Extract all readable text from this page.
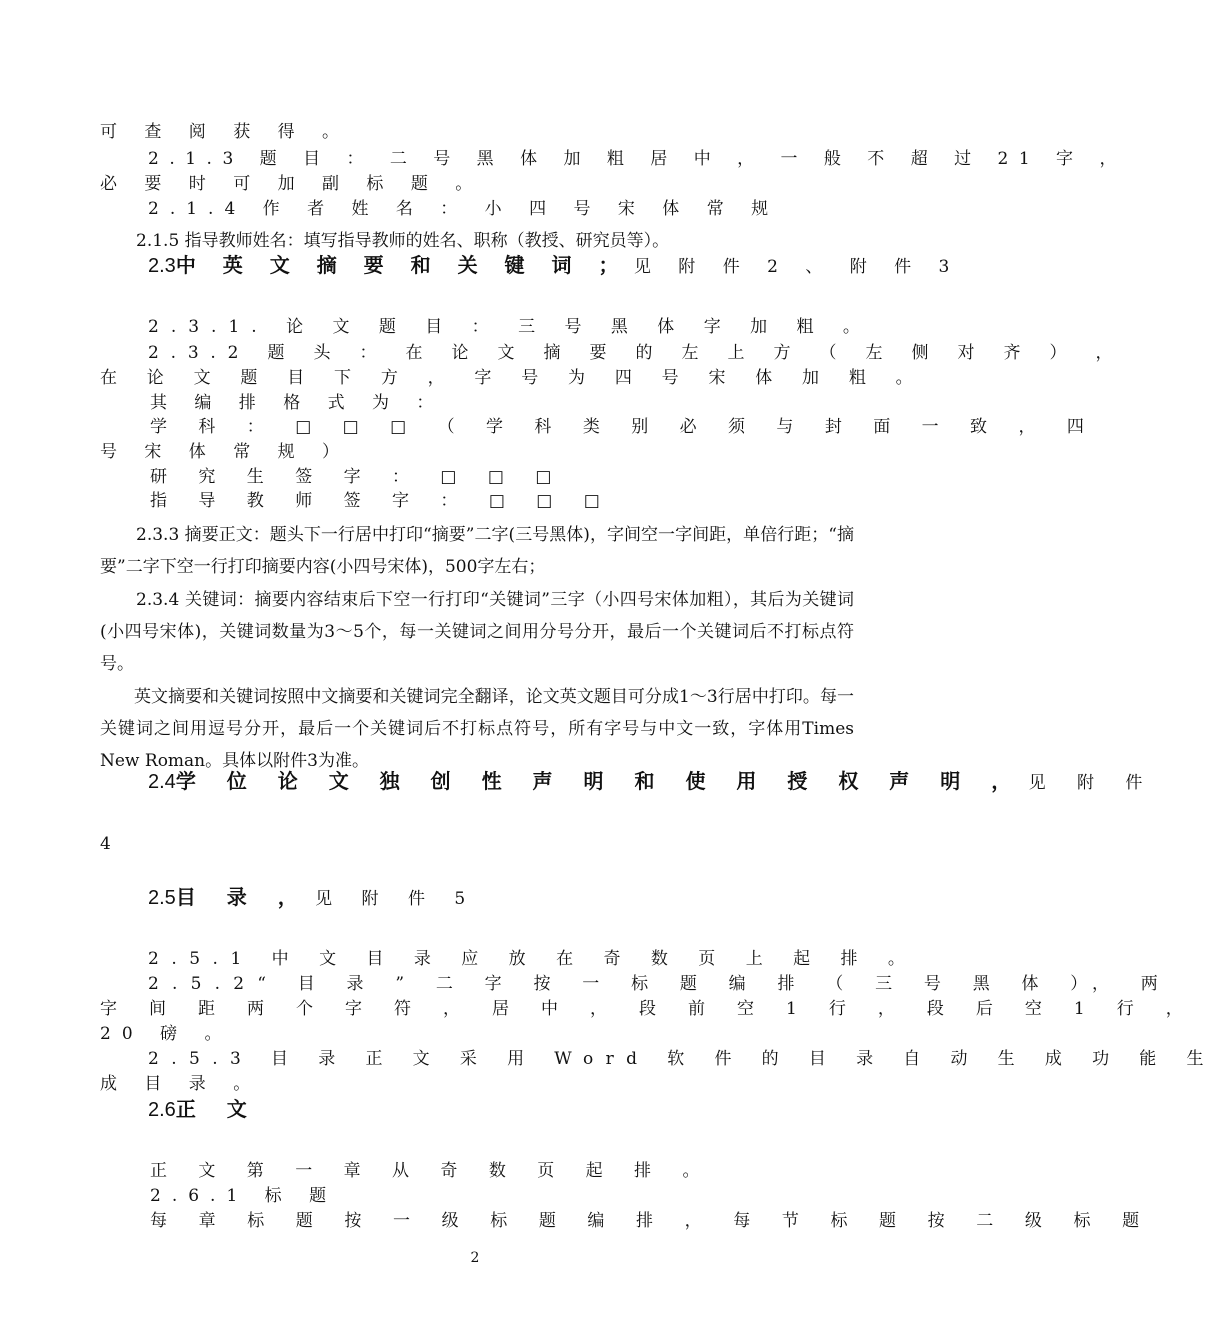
可 查 阅 获 得 。
2.1.3 题 目 ： 二 号 黑 体 加 粗 居 中 ， 一 般 不 超 过 21 字 ，
必 要 时 可 加 副 标 题 。
2.1.4 作 者 姓 名 ： 小 四 号 宋 体 常 规
2.1.5 指导教师姓名：填写指导教师的姓名、职称（教授、研究员等）。
2.3中 英 文 摘 要 和 关 键 词 ； 见 附 件 2 、 附 件 3
2.3.1. 论 文 题 目 ： 三 号 黑 体 字 加 粗 。
2.3.2 题 头 ： 在 论 文 摘 要 的 左 上 方 （ 左 侧 对 齐 ） ，
在 论 文 题 目 下 方 ， 字 号 为 四 号 宋 体 加 粗 。
其 编 排 格 式 为 ：
学 科 ： □ □ □ （ 学 科 类 别 必 须 与 封 面 一 致 ， 四
号 宋 体 常 规 ）
研 究 生 签 字 ： □ □ □
指 导 教 师 签 字 ： □ □ □
2.3.3 摘要正文：题头下一行居中打印“摘要”二字(三号黑体)，字间空一字间距，单倍行距；“摘要”二字下空一行打印摘要内容(小四号宋体)，500字左右；
2.3.4 关键词：摘要内容结束后下空一行打印“关键词”三字（小四号宋体加粗），其后为关键词(小四号宋体)，关键词数量为3～5个，每一关键词之间用分号分开，最后一个关键词后不打标点符号。
英文摘要和关键词按照中文摘要和关键词完全翻译，论文英文题目可分成1～3行居中打印。每一关键词之间用逗号分开，最后一个关键词后不打标点符号，所有字号与中文一致，字体用Times New Roman。具体以附件3为准。
2.4学 位 论 文 独 创 性 声 明 和 使 用 授 权 声 明 ， 见 附 件
4
2.5目 录 ， 见 附 件 5
2.5.1 中 文 目 录 应 放 在 奇 数 页 上 起 排 。
2.5.2“ 目 录 ” 二 字 按 一 标 题 编 排 （ 三 号 黑 体 ）， 两
字 间 距 两 个 字 符 ， 居 中 ， 段 前 空 1 行 ， 段 后 空 1 行 ，
20 磅 。
2.5.3 目 录 正 文 采 用 Word 软 件 的 目 录 自 动 生 成 功 能 生
成 目 录 。
2.6正 文
正 文 第 一 章 从 奇 数 页 起 排 。
2.6.1 标 题
每 章 标 题 按 一 级 标 题 编 排 ， 每 节 标 题 按 二 级 标 题
2
